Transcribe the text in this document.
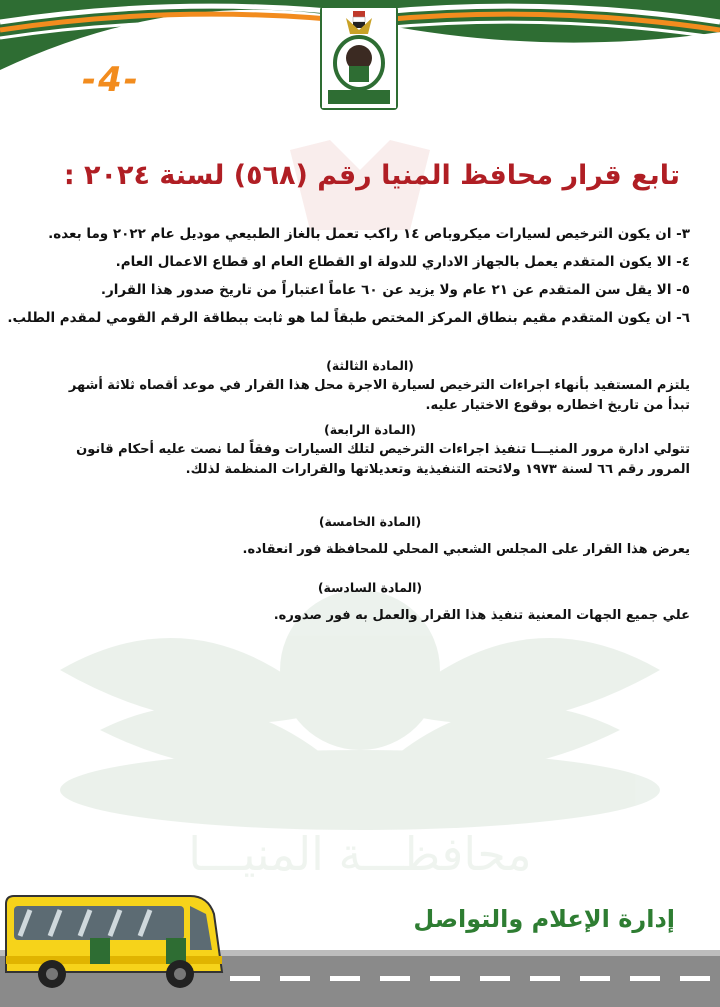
-4-
محافظـــة المنيـــا
تابع قرار محافظ المنيا رقم (٥٦٨) لسنة ٢٠٢٤ :
٣- ان يكون الترخيص لسيارات ميكروباص ١٤ راكب تعمل بالغاز الطبيعي موديل عام ٢٠٢٢ وما بعده.
٤- الا يكون المتقدم يعمل بالجهاز الاداري للدولة او القطاع العام او قطاع الاعمال العام.
٥- الا يقل سن المتقدم عن ٢١ عام ولا يزيد عن ٦٠ عاماً اعتباراً من تاريخ صدور هذا القرار.
٦- ان يكون المتقدم مقيم بنطاق المركز المختص طبقاً لما هو ثابت ببطاقة الرقم القومي لمقدم الطلب.
(المادة الثالثة)
يلتزم المستفيد بأنهاء اجراءات الترخيص لسيارة الاجرة محل هذا القرار في موعد أقصاه ثلاثة أشهر تبدأ من تاريخ اخطاره بوقوع الاختيار عليه.
(المادة الرابعة)
تتولي ادارة مرور المنيـــا تنفيذ اجراءات الترخيص لتلك السيارات وفقاً لما نصت عليه أحكام قانون المرور رقم ٦٦ لسنة ١٩٧٣ ولائحته التنفيذية وتعديلاتها والقرارات المنظمة لذلك.
(المادة الخامسة)
يعرض هذا القرار على المجلس الشعبي المحلي للمحافظة فور انعقاده.
(المادة السادسة)
علي جميع الجهات المعنية تنفيذ هذا القرار والعمل به فور صدوره.
إدارة الإعلام والتواصل
